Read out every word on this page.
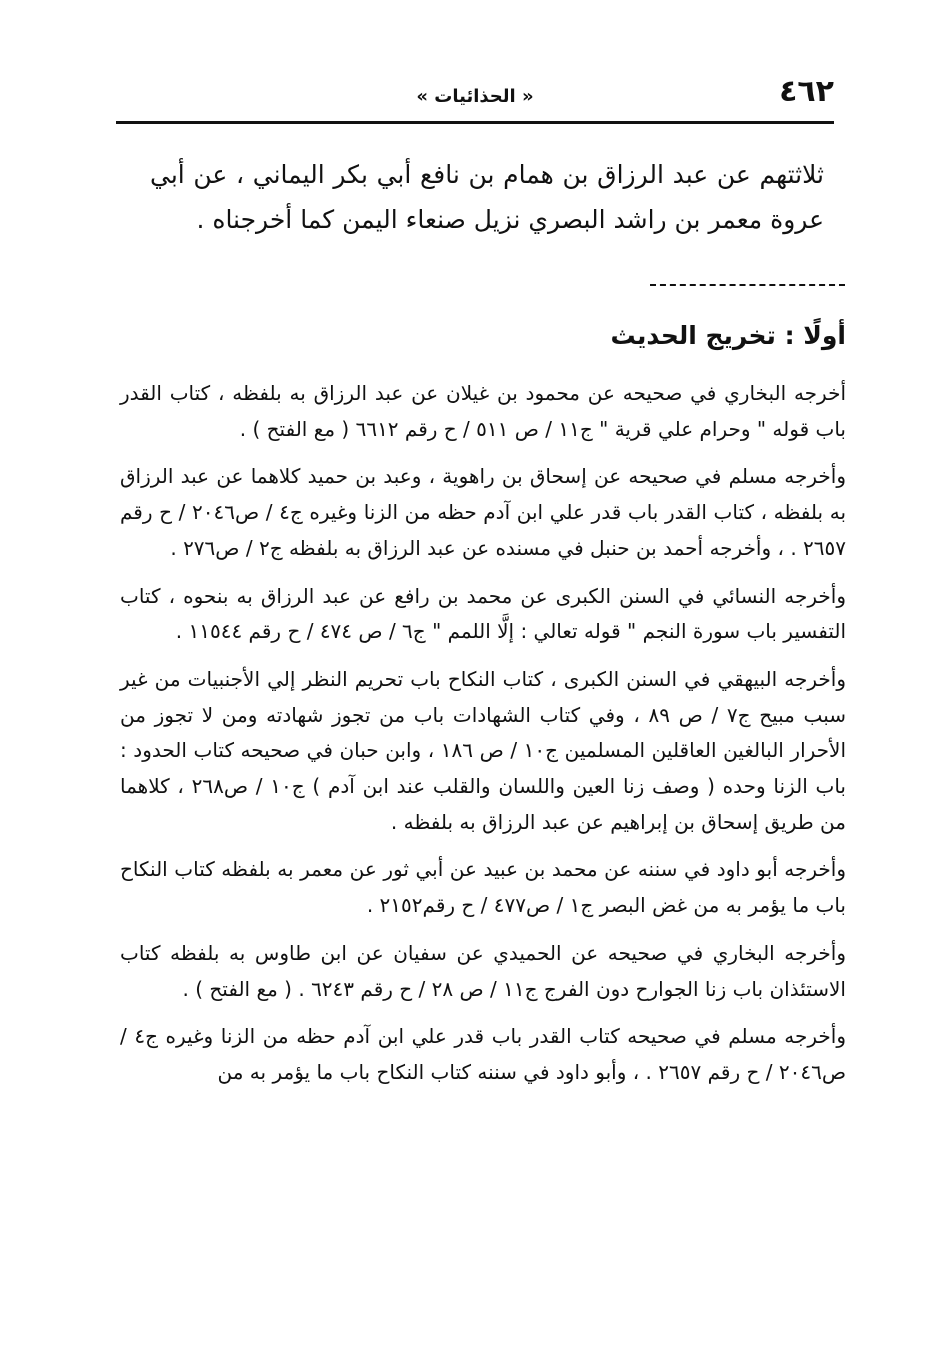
٤٦٢
« الحذائيات »
ثلاثتهم عن عبد الرزاق بن همام بن نافع أبي بكر اليماني ، عن أبي عروة معمر بن راشد البصري نزيل صنعاء اليمن كما أخرجناه .
أولًا : تخريج الحديث

أخرجه البخاري في صحيحه عن محمود بن غيلان عن عبد الرزاق به بلفظه ، كتاب القدر باب قوله " وحرام علي قرية " ج١١ / ص ٥١١ / ح رقم ٦٦١٢ ( مع الفتح ) .

وأخرجه مسلم في صحيحه عن إسحاق بن راهوية ، وعبد بن حميد كلاهما عن عبد الرزاق به بلفظه ، كتاب القدر باب قدر علي ابن آدم حظه من الزنا وغيره ج٤ / ص٢٠٤٦ / ح رقم ٢٦٥٧ . ، وأخرجه أحمد بن حنبل في مسنده عن عبد الرزاق به بلفظه ج٢ / ص٢٧٦ .

وأخرجه النسائي في السنن الكبرى عن محمد بن رافع عن عبد الرزاق به بنحوه ، كتاب التفسير باب سورة النجم " قوله تعالي : إلَّا اللمم " ج٦ / ص ٤٧٤ / ح رقم ١١٥٤٤ .

وأخرجه البيهقي في السنن الكبرى ، كتاب النكاح باب تحريم النظر إلي الأجنبيات من غير سبب مبيح ج٧ / ص ٨٩ ، وفي كتاب الشهادات باب من تجوز شهادته ومن لا تجوز من الأحرار البالغين العاقلين المسلمين ج١٠ / ص ١٨٦ ، وابن حبان في صحيحه كتاب الحدود : باب الزنا وحده ( وصف زنا العين واللسان والقلب عند ابن آدم ) ج١٠ / ص٢٦٨ ، كلاهما من طريق إسحاق بن إبراهيم عن عبد الرزاق به بلفظه .

وأخرجه أبو داود في سننه عن محمد بن عبيد عن أبي ثور عن معمر به بلفظه كتاب النكاح باب ما يؤمر به من غض البصر ج١ / ص٤٧٧ / ح رقم٢١٥٢ .

وأخرجه البخاري في صحيحه عن الحميدي عن سفيان عن ابن طاوس به بلفظه كتاب الاستئذان باب زنا الجوارح دون الفرج ج١١ / ص ٢٨ / ح رقم ٦٢٤٣ . ( مع الفتح ) .

وأخرجه مسلم في صحيحه كتاب القدر باب قدر علي ابن آدم حظه من الزنا وغيره ج٤ / ص٢٠٤٦ / ح رقم ٢٦٥٧ . ، وأبو داود في سننه كتاب النكاح باب ما يؤمر به من
